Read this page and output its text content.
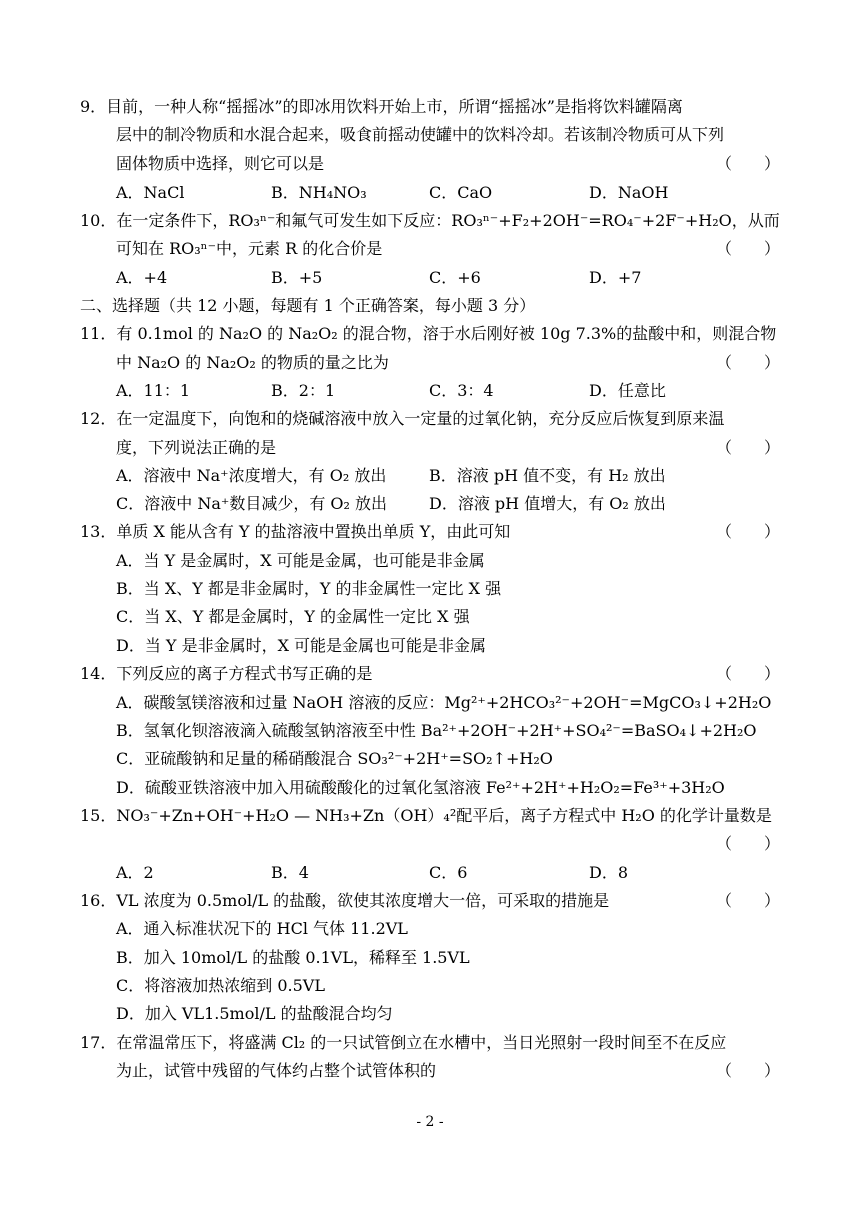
9．目前，一种人称“摇摇冰”的即冰用饮料开始上市，所谓“摇摇冰”是指将饮料罐隔离
层中的制冷物质和水混合起来，吸食前摇动使罐中的饮料冷却。若该制冷物质可从下列
固体物质中选择，则它可以是	（　　）
A．NaCl	B．NH₄NO₃	C．CaO	D．NaOH
10．在一定条件下，RO₃ⁿ⁻和氟气可发生如下反应：RO₃ⁿ⁻+F₂+2OH⁻=RO₄⁻+2F⁻+H₂O，从而
可知在 RO₃ⁿ⁻中，元素 R 的化合价是	（　　）
A．+4	B．+5	C．+6	D．+7
二、选择题（共 12 小题，每题有 1 个正确答案，每小题 3 分）
11．有 0.1mol 的 Na₂O 的 Na₂O₂ 的混合物，溶于水后刚好被 10g 7.3%的盐酸中和，则混合物
中 Na₂O 的 Na₂O₂ 的物质的量之比为	（　　）
A．11：1	B．2：1	C．3：4	D．任意比
12．在一定温度下，向饱和的烧碱溶液中放入一定量的过氧化钠，充分反应后恢复到原来温
度，下列说法正确的是	（　　）
A．溶液中 Na⁺浓度增大，有 O₂ 放出	B．溶液 pH 值不变，有 H₂ 放出
C．溶液中 Na⁺数目减少，有 O₂ 放出	D．溶液 pH 值增大，有 O₂ 放出
13．单质 X 能从含有 Y 的盐溶液中置换出单质 Y，由此可知	（　　）
A．当 Y 是金属时，X 可能是金属，也可能是非金属
B．当 X、Y 都是非金属时，Y 的非金属性一定比 X 强
C．当 X、Y 都是金属时，Y 的金属性一定比 X 强
D．当 Y 是非金属时，X 可能是金属也可能是非金属
14．下列反应的离子方程式书写正确的是	（　　）
A．碳酸氢镁溶液和过量 NaOH 溶液的反应：Mg²⁺+2HCO₃²⁻+2OH⁻=MgCO₃↓+2H₂O
B．氢氧化钡溶液滴入硫酸氢钠溶液至中性 Ba²⁺+2OH⁻+2H⁺+SO₄²⁻=BaSO₄↓+2H₂O
C．亚硫酸钠和足量的稀硝酸混合 SO₃²⁻+2H⁺=SO₂↑+H₂O
D．硫酸亚铁溶液中加入用硫酸酸化的过氧化氢溶液 Fe²⁺+2H⁺+H₂O₂=Fe³⁺+3H₂O
15．NO₃⁻+Zn+OH⁻+H₂O — NH₃+Zn（OH）₄²配平后，离子方程式中 H₂O 的化学计量数是
（　　）
A．2	B．4	C．6	D．8
16．VL 浓度为 0.5mol/L 的盐酸，欲使其浓度增大一倍，可采取的措施是	（　　）
A．通入标准状况下的 HCl 气体 11.2VL
B．加入 10mol/L 的盐酸 0.1VL，稀释至 1.5VL
C．将溶液加热浓缩到 0.5VL
D．加入 VL1.5mol/L 的盐酸混合均匀
17．在常温常压下，将盛满 Cl₂ 的一只试管倒立在水槽中，当日光照射一段时间至不在反应
为止，试管中残留的气体约占整个试管体积的	（　　）
- 2 -
